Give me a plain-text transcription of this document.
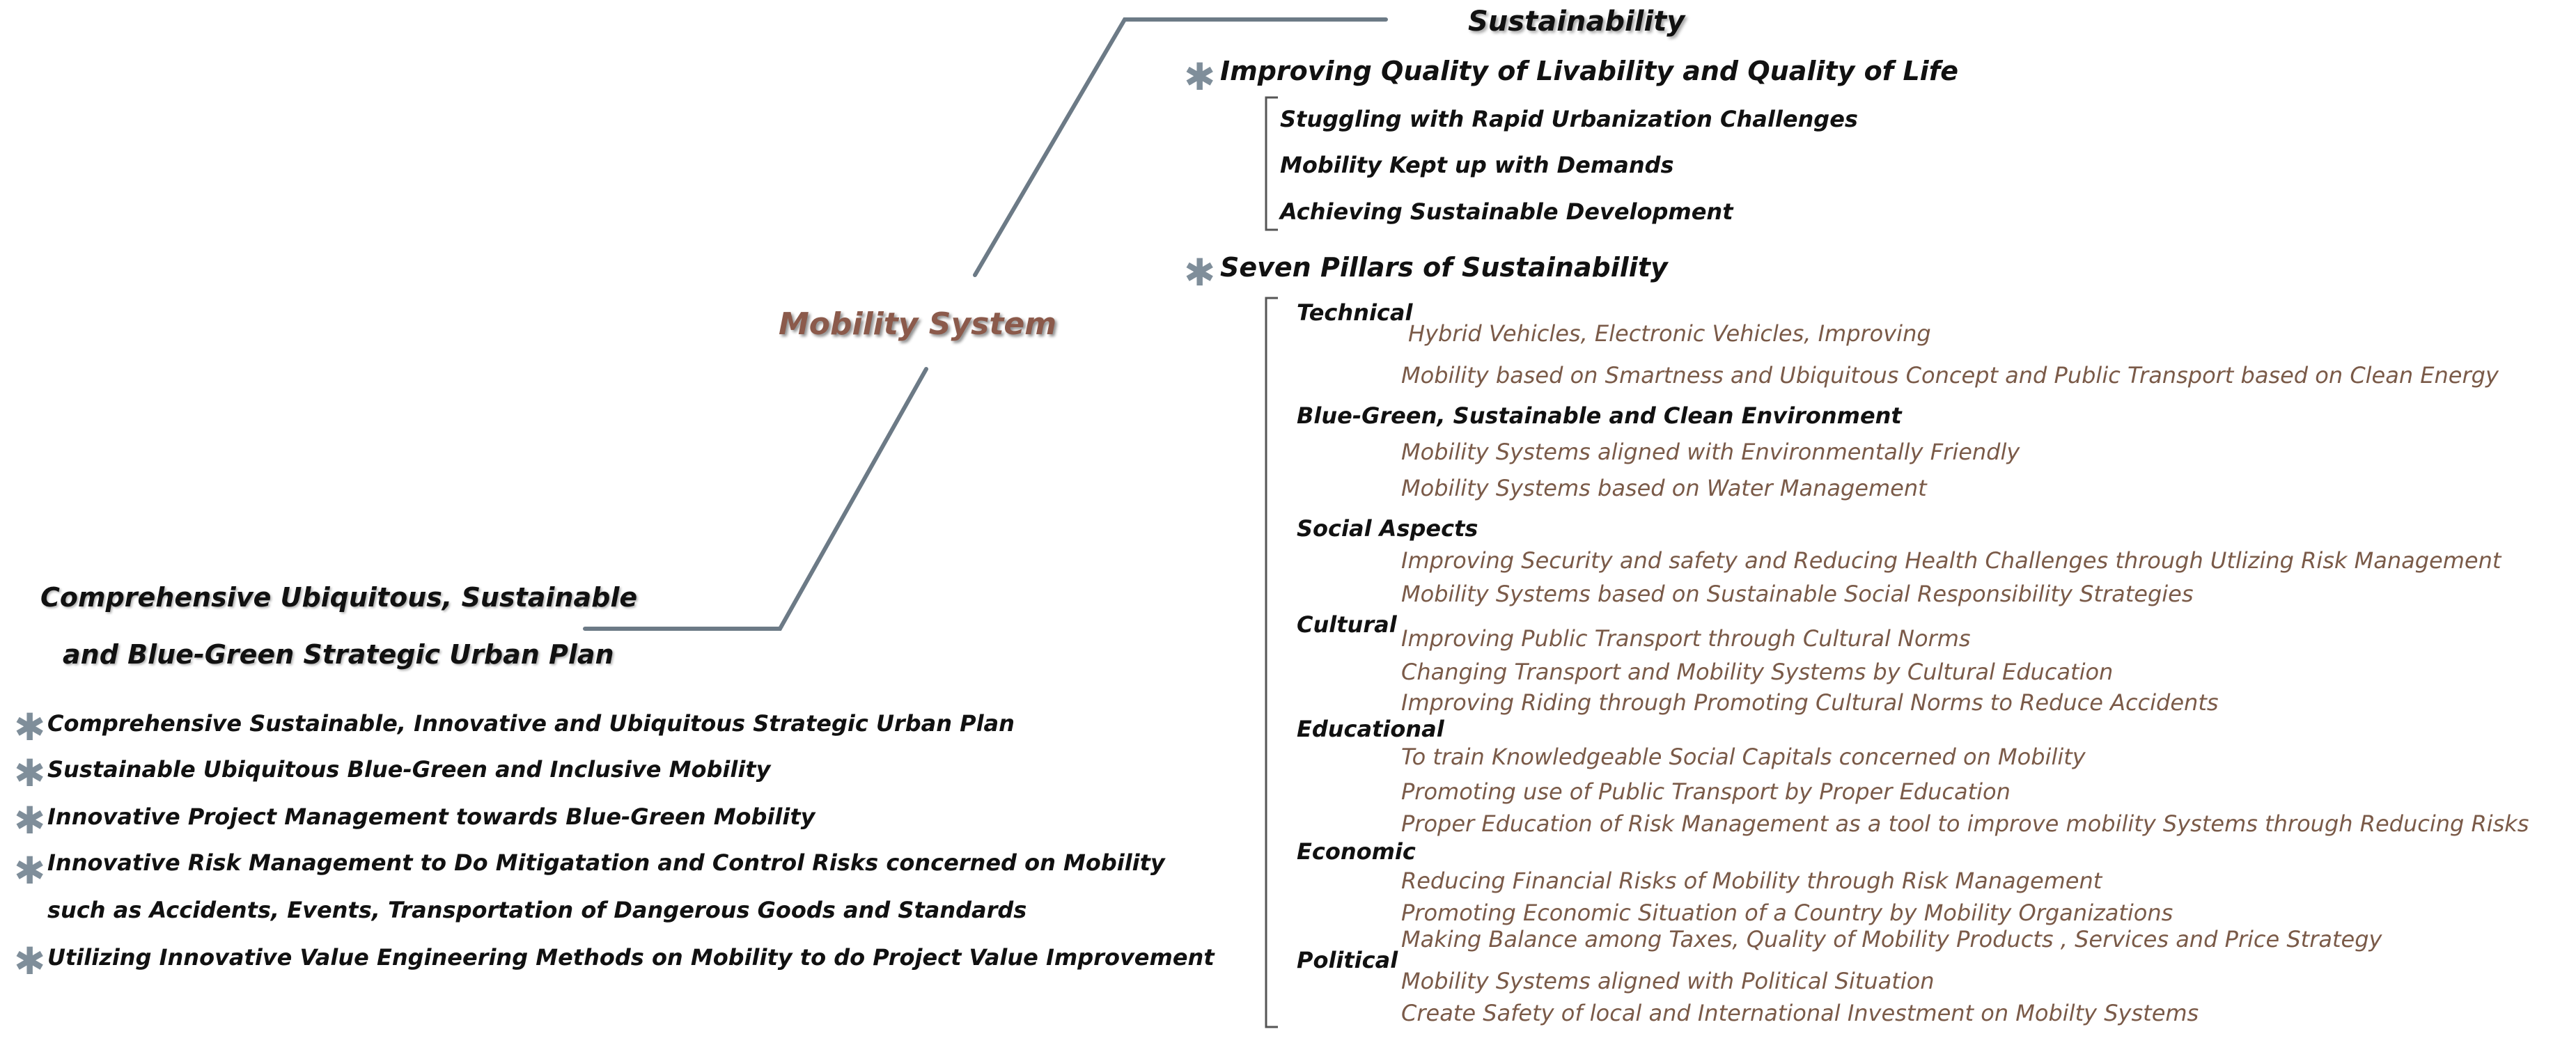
Mobility System
Sustainability
✱ Improving Quality of Livability and Quality of Life
Stuggling with Rapid Urbanization Challenges
Mobility Kept up with Demands
Achieving Sustainable Development
✱ Seven Pillars of Sustainability
Technical
Hybrid Vehicles, Electronic Vehicles, Improving
Mobility based on Smartness and Ubiquitous Concept and Public Transport based on Clean Energy
Blue-Green, Sustainable and Clean Environment
Mobility Systems aligned with Environmentally Friendly
Mobility Systems based on Water Management
Social Aspects
Improving Security and safety and Reducing Health Challenges through Utlizing Risk Management
Mobility Systems based on Sustainable Social Responsibility Strategies
Cultural
Improving Public Transport through Cultural Norms
Changing Transport and Mobility Systems by Cultural Education
Improving Riding through Promoting Cultural Norms to Reduce Accidents
Educational
To train Knowledgeable Social Capitals concerned on Mobility
Promoting use of Public Transport by Proper Education
Proper Education of Risk Management as a tool to improve mobility Systems through Reducing Risks
Economic
Reducing Financial Risks of Mobility through Risk Management
Promoting Economic Situation of a Country by Mobility Organizations
Making Balance among Taxes, Quality of Mobility Products , Services and Price Strategy
Political
Mobility Systems aligned with Political Situation
Create Safety of local and International Investment on Mobilty Systems
Comprehensive Ubiquitous, Sustainable
and Blue-Green Strategic Urban Plan
✱ Comprehensive Sustainable, Innovative and Ubiquitous Strategic Urban Plan
✱ Sustainable Ubiquitous Blue-Green and Inclusive Mobility
✱ Innovative Project Management towards Blue-Green Mobility
✱ Innovative Risk Management to Do Mitigatation and Control Risks concerned on Mobility
such as Accidents, Events, Transportation of Dangerous Goods and Standards
✱ Utilizing Innovative Value Engineering Methods on Mobility to do Project Value Improvement
